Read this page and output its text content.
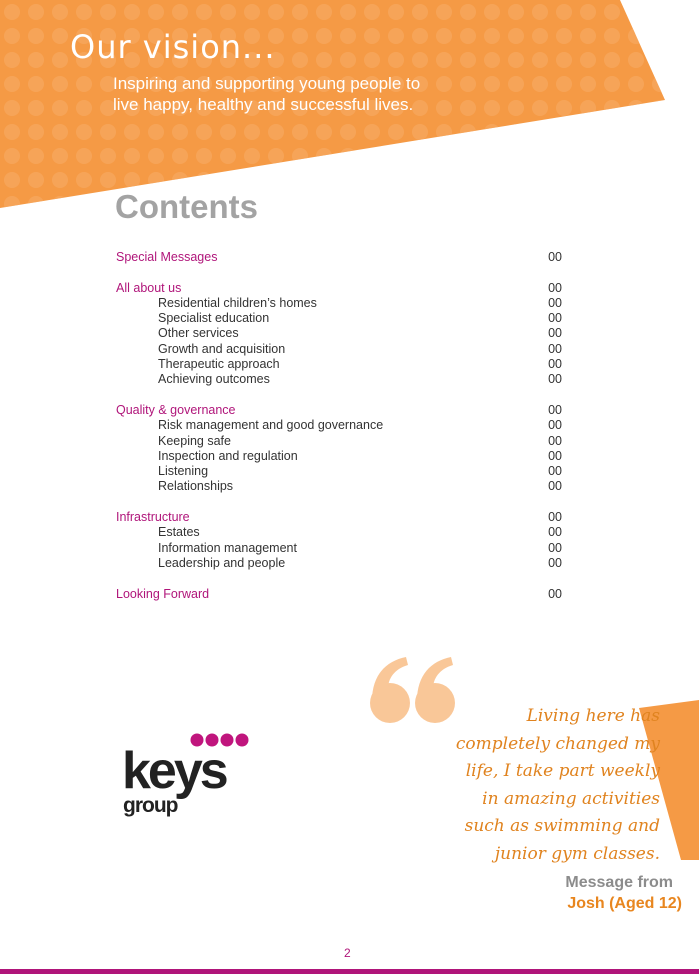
Our vision...
Inspiring and supporting young people to
live happy, healthy and successful lives.
Contents
Special Messages	00
All about us	00
Residential children’s homes	00
Specialist education	00
Other services	00
Growth and acquisition	00
Therapeutic approach	00
Achieving outcomes	00
Quality & governance	00
Risk management and good governance	00
Keeping safe	00
Inspection and regulation	00
Listening	00
Relationships	00
Infrastructure	00
Estates	00
Information management	00
Leadership and people	00
Looking Forward	00
keys
group
Living here has
completely changed my
life, I take part weekly
in amazing activities
such as swimming and
junior gym classes.
Message from
Josh (Aged 12)
2
